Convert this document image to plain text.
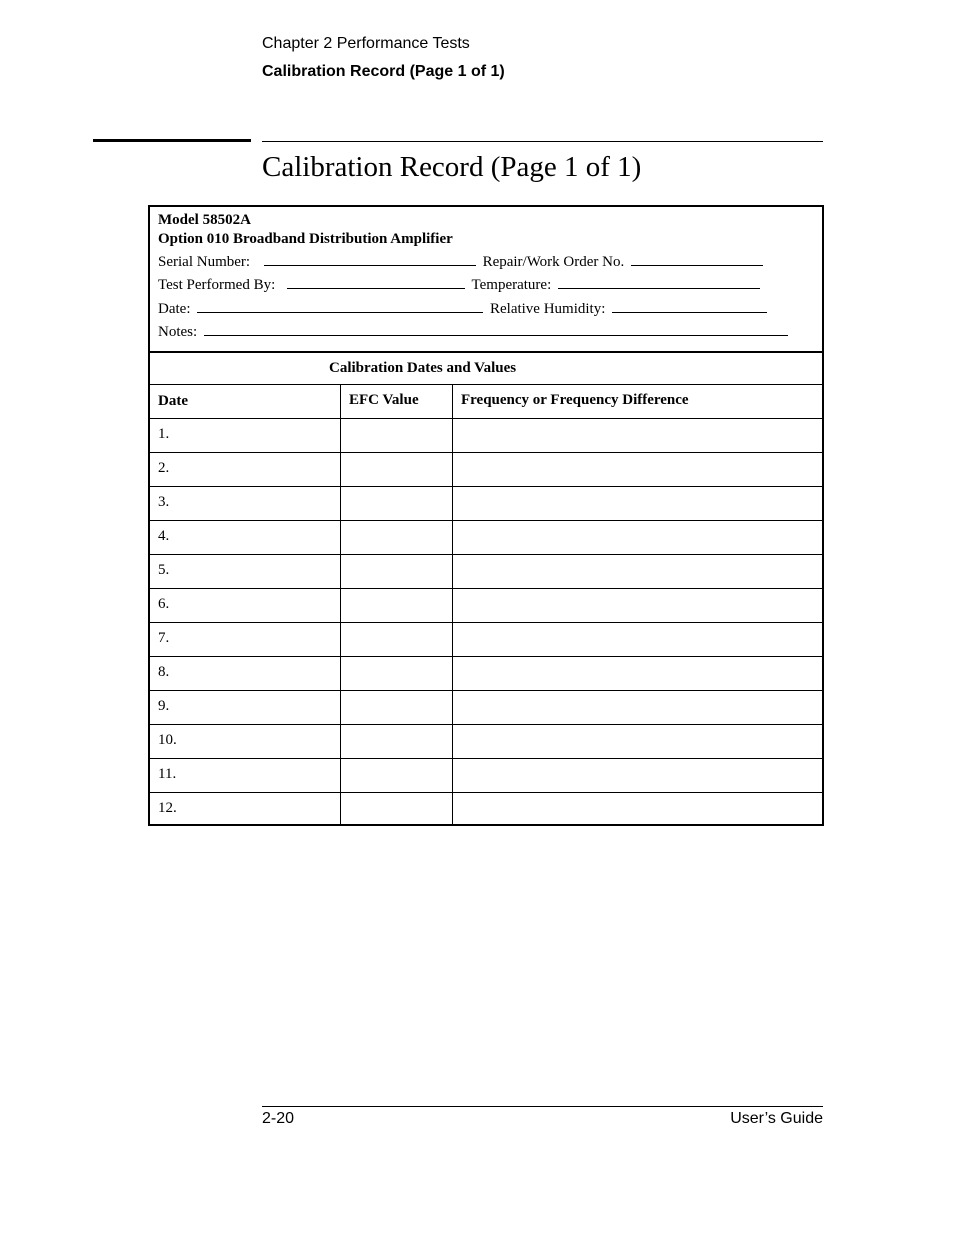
Chapter 2 Performance Tests
Calibration Record (Page 1 of 1)
Calibration Record (Page 1 of 1)
Model 58502A
Option 010 Broadband Distribution Amplifier
Serial Number:	Repair/Work Order No.
Test Performed By:	Temperature:
Date:	Relative Humidity:
Notes:
Calibration Dates and Values
Date	EFC Value	Frequency or Frequency Difference
1.
2.
3.
4.
5.
6.
7.
8.
9.
10.
11.
12.
2-20	User’s Guide
